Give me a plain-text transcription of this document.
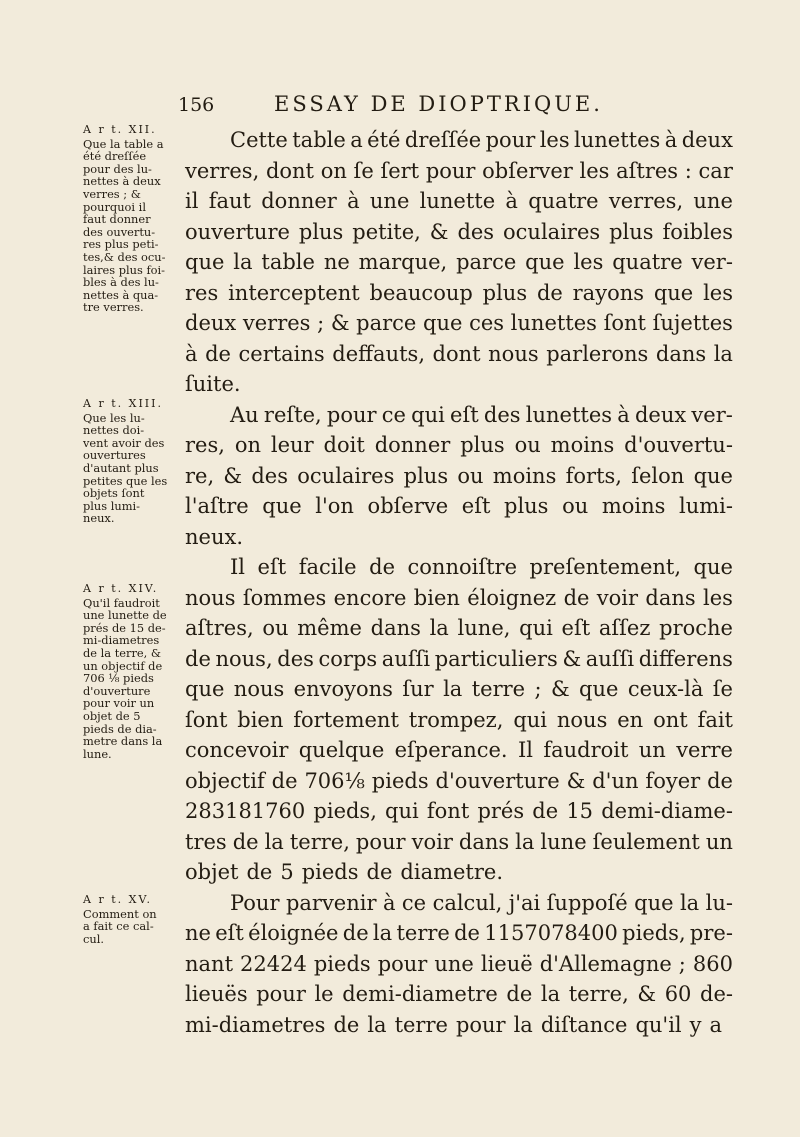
156	ESSAY DE DIOPTRIQUE.
A r t. XII.
Que la table a
été dreſſée
pour des lu-
nettes à deux
verres ; &
pourquoi il
faut donner
des ouvertu-
res plus peti-
tes,& des ocu-
laires plus foi-
bles à des lu-
nettes à qua-
tre verres.
A r t. XIII.
Que les lu-
nettes doi-
vent avoir des
ouvertures
d'autant plus
petites que les
objets ſont
plus lumi-
neux.
A r t. XIV.
Qu'il faudroit
une lunette de
prés de 15 de-
mi-diametres
de la terre, &
un objectif de
706 ⅛ pieds
d'ouverture
pour voir un
objet de 5
pieds de dia-
metre dans la
lune.
A r t. XV.
Comment on
a fait ce cal-
cul.
Cette table a été dreſſée pour les lunettes à deux
verres, dont on ſe ſert pour obſerver les aſtres : car
il faut donner à une lunette à quatre verres, une
ouverture plus petite, & des oculaires plus foibles
que la table ne marque, parce que les quatre ver-
res interceptent beaucoup plus de rayons que les
deux verres ; & parce que ces lunettes ſont ſujettes
à de certains deffauts, dont nous parlerons dans la
ſuite.
Au reſte, pour ce qui eſt des lunettes à deux ver-
res, on leur doit donner plus ou moins d'ouvertu-
re, & des oculaires plus ou moins forts, ſelon que
l'aſtre que l'on obſerve eſt plus ou moins lumi-
neux.
Il eſt facile de connoiſtre preſentement, que
nous ſommes encore bien éloignez de voir dans les
aſtres, ou même dans la lune, qui eſt aſſez proche
de nous, des corps auſſi particuliers & auſſi differens
que nous envoyons ſur la terre ; & que ceux-là ſe
ſont bien fortement trompez, qui nous en ont fait
concevoir quelque eſperance. Il faudroit un verre
objectif de 706⅛ pieds d'ouverture & d'un foyer de
283181760 pieds, qui font prés de 15 demi-diame-
tres de la terre, pour voir dans la lune ſeulement un
objet de 5 pieds de diametre.
Pour parvenir à ce calcul, j'ai ſuppoſé que la lu-
ne eſt éloignée de la terre de 1157078400 pieds, pre-
nant 22424 pieds pour une lieuë d'Allemagne ; 860
lieuës pour le demi-diametre de la terre, & 60 de-
mi-diametres de la terre pour la diſtance qu'il y a
